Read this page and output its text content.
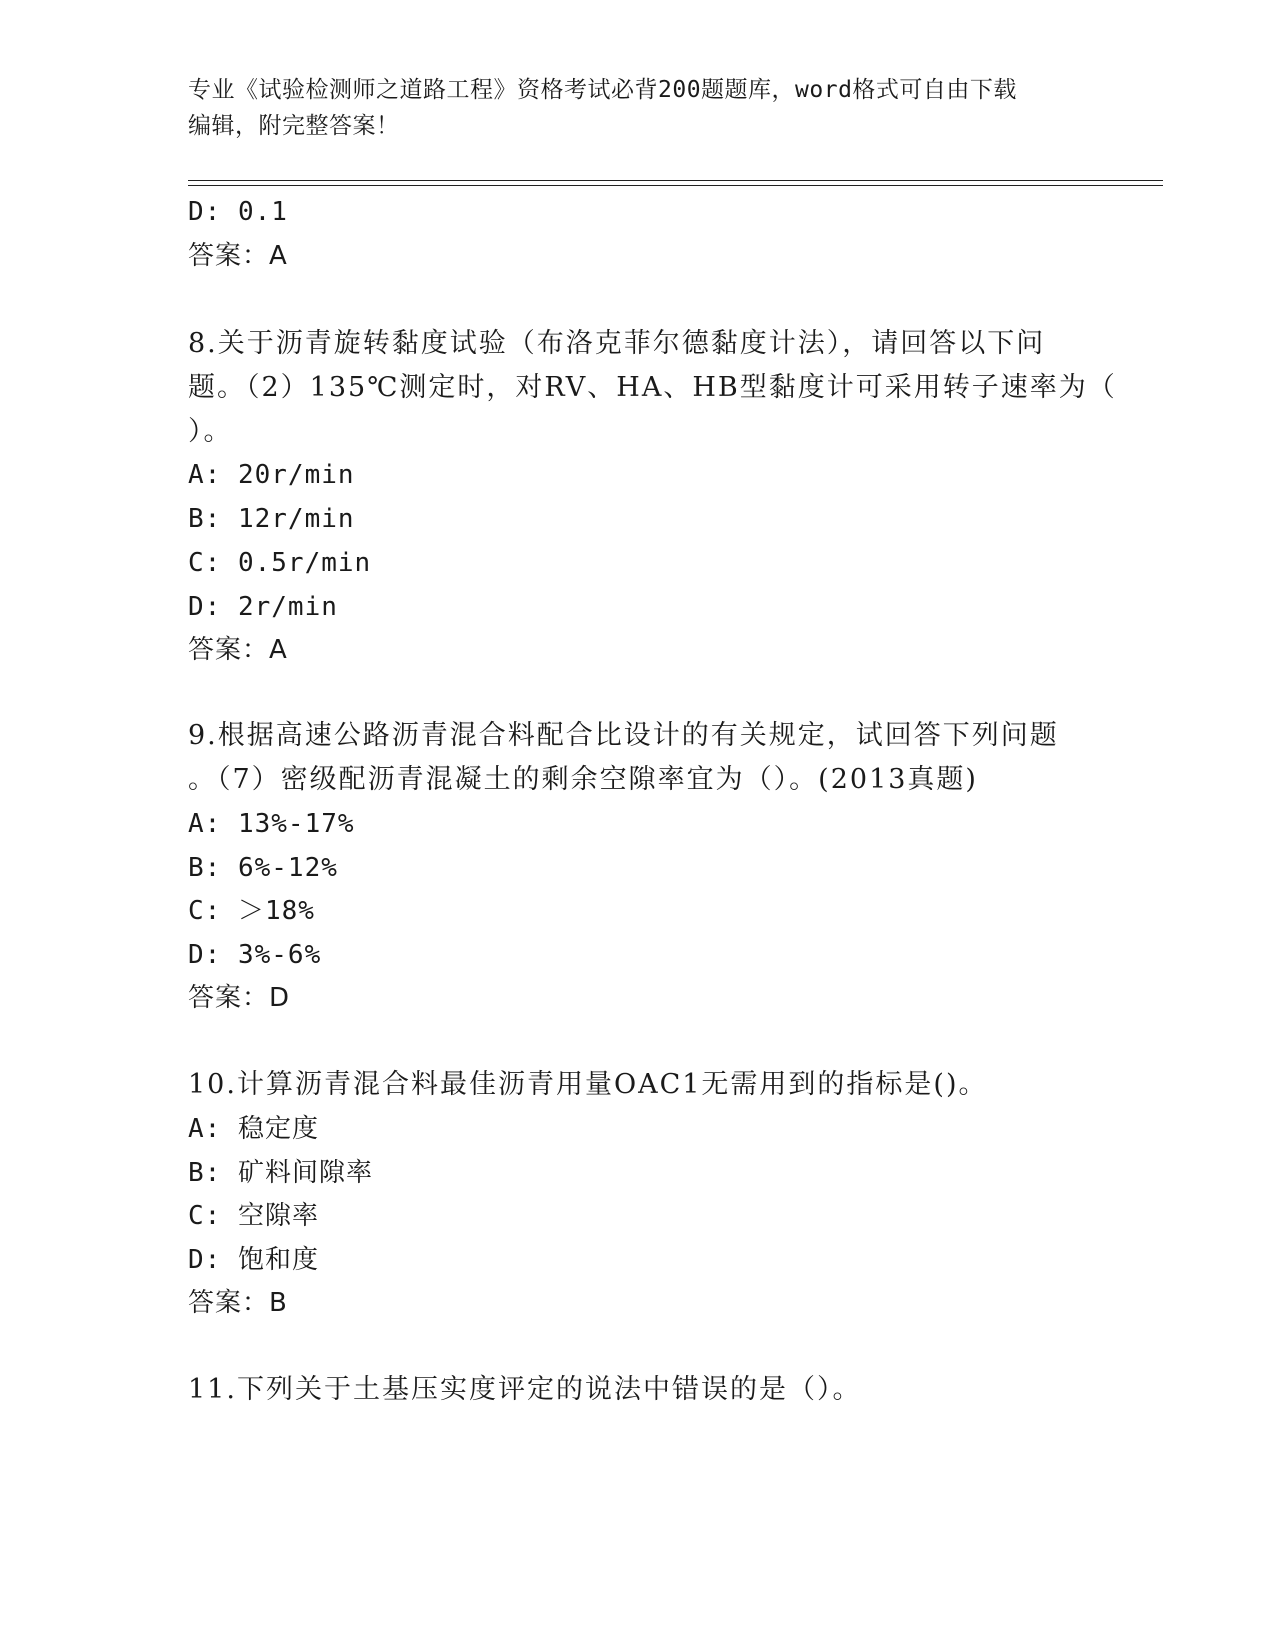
专业《试验检测师之道路工程》资格考试必背200题题库，word格式可自由下载
编辑，附完整答案！
D: 0.1
答案：A
8.关于沥青旋转黏度试验（布洛克菲尔德黏度计法），请回答以下问
题。（2）135℃测定时，对RV、HA、HB型黏度计可采用转子速率为（
）。
A: 20r/min
B: 12r/min
C: 0.5r/min
D: 2r/min
答案：A
9.根据高速公路沥青混合料配合比设计的有关规定，试回答下列问题
。（7）密级配沥青混凝土的剩余空隙率宜为（）。(2013真题)
A: 13%-17%
B: 6%-12%
C: ＞18%
D: 3%-6%
答案：D
10.计算沥青混合料最佳沥青用量OAC1无需用到的指标是()。
A: 稳定度
B: 矿料间隙率
C: 空隙率
D: 饱和度
答案：B
11.下列关于土基压实度评定的说法中错误的是（）。
